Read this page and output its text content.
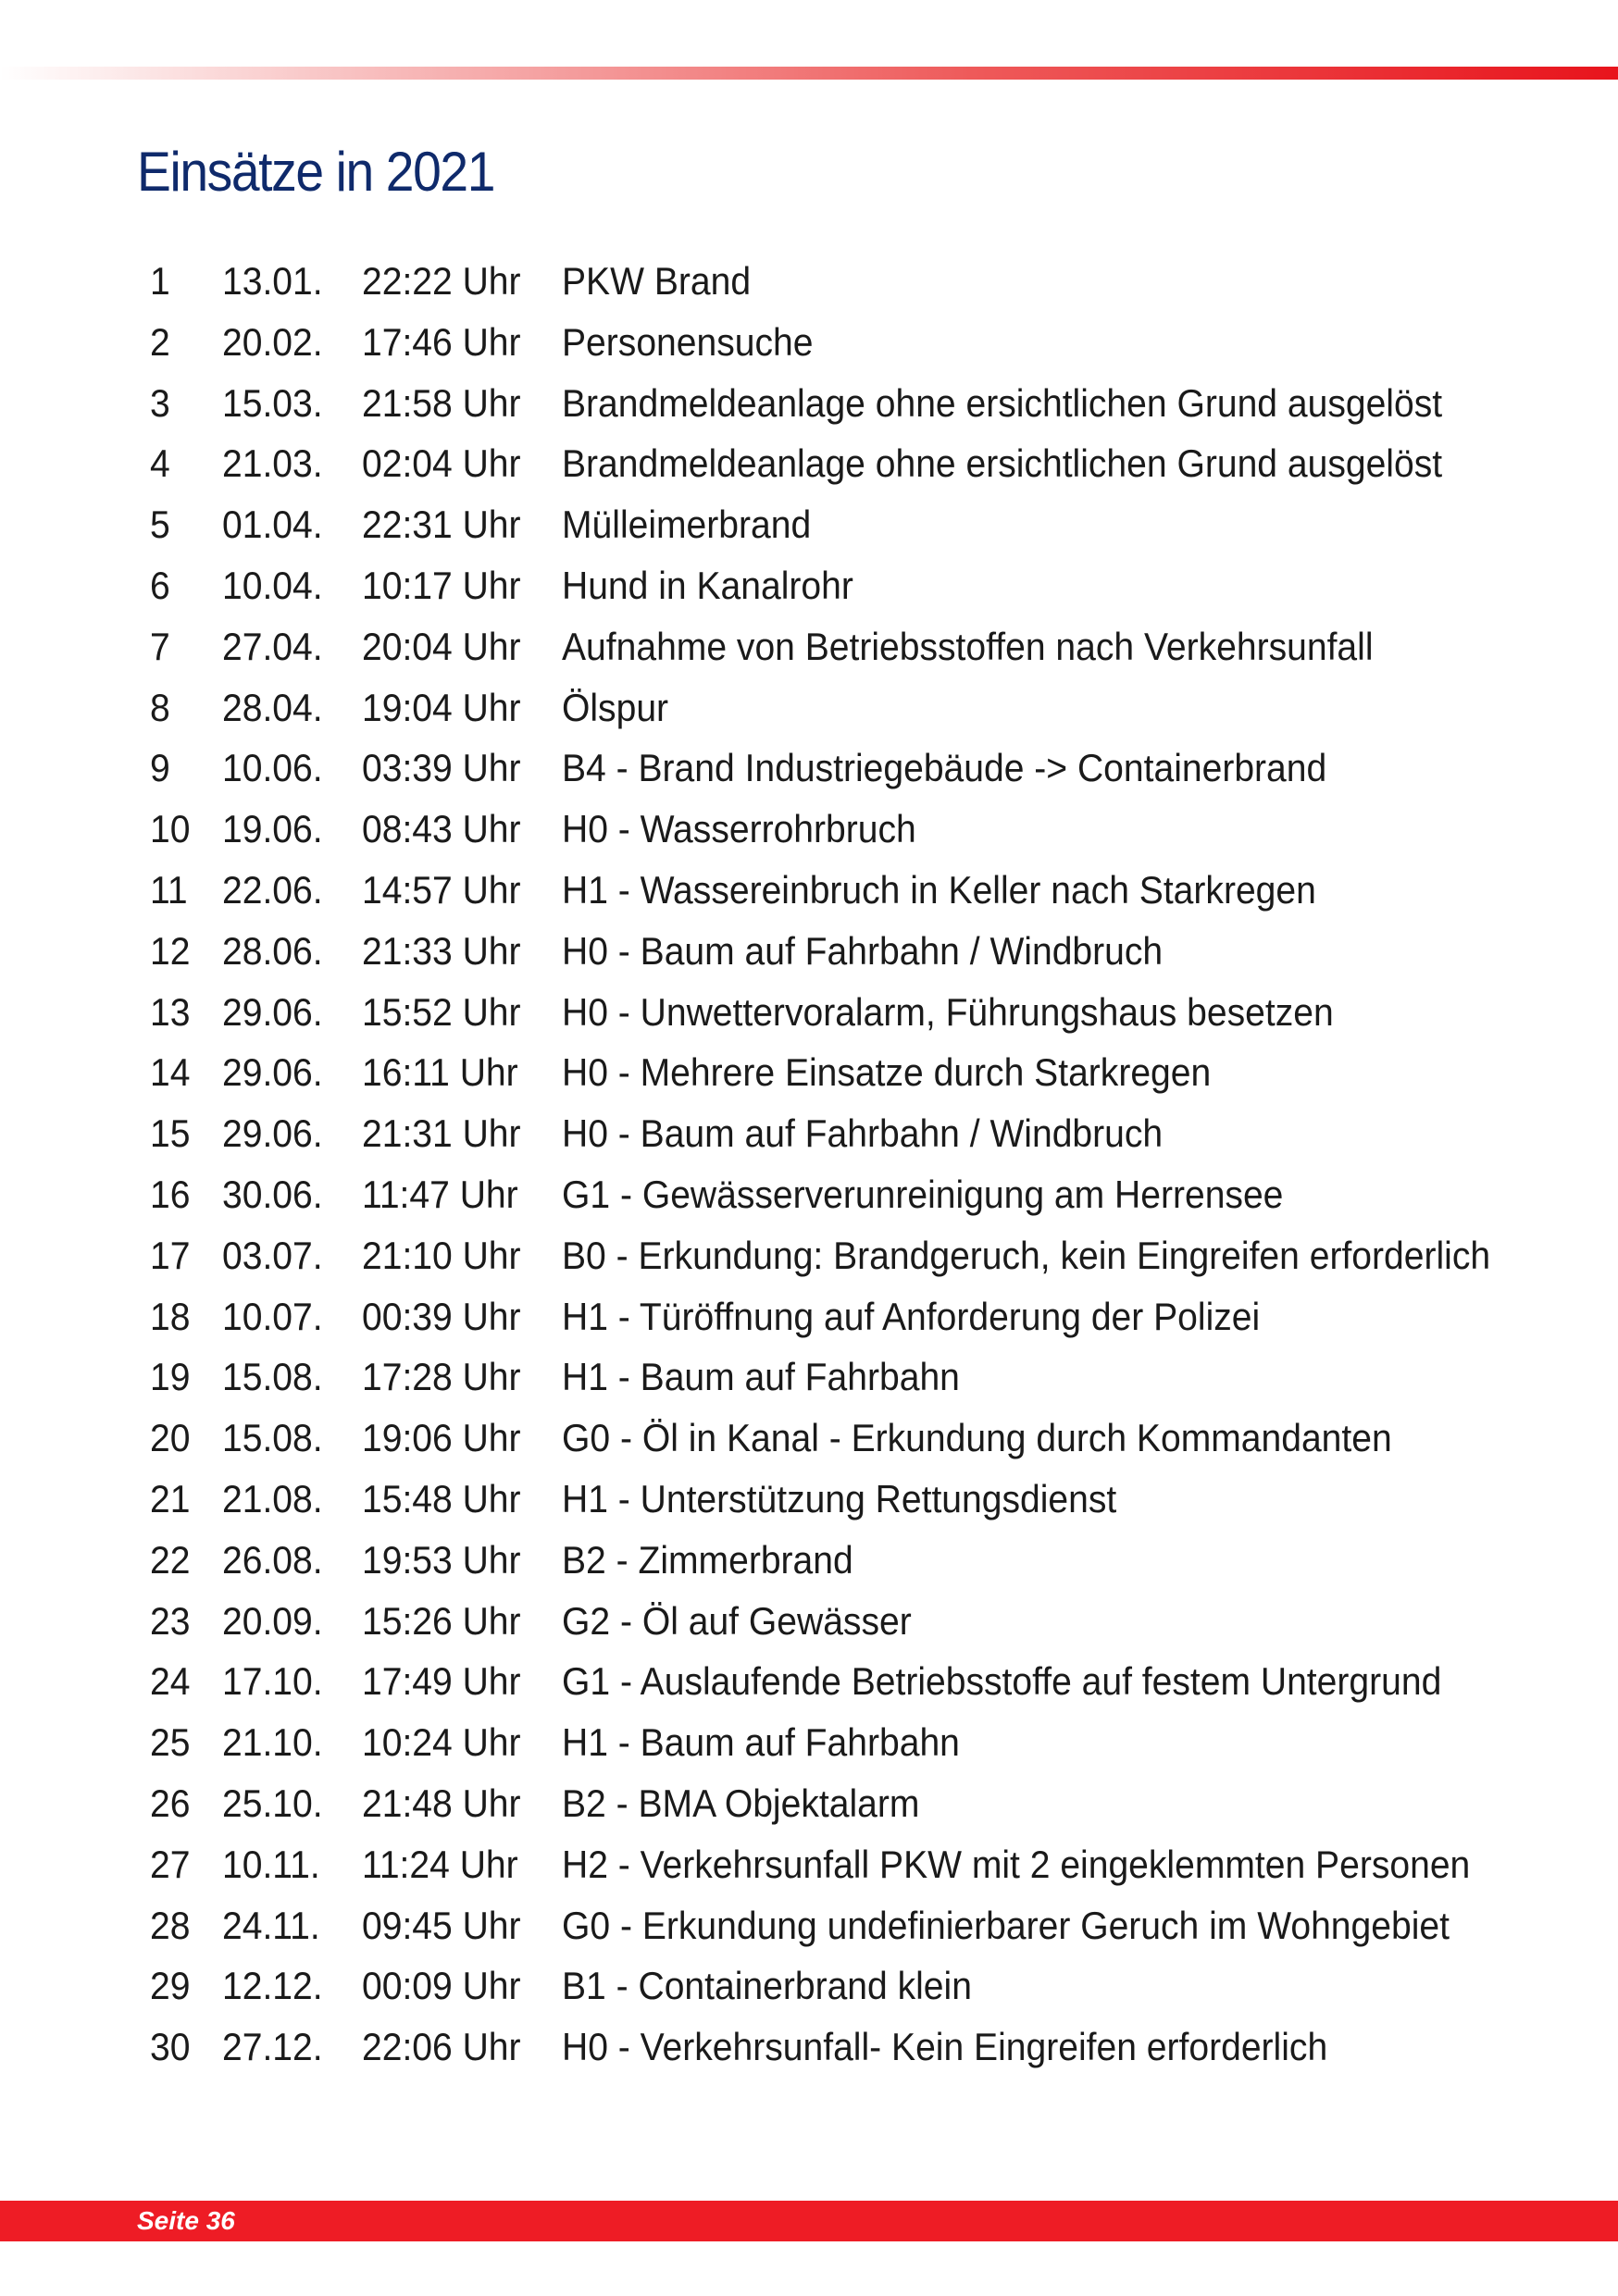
Einsätze in 2021
1 13.01. 22:22 Uhr PKW Brand
2 20.02. 17:46 Uhr Personensuche
3 15.03. 21:58 Uhr Brandmeldeanlage ohne ersichtlichen Grund ausgelöst
4 21.03. 02:04 Uhr Brandmeldeanlage ohne ersichtlichen Grund ausgelöst
5 01.04. 22:31 Uhr Mülleimerbrand
6 10.04. 10:17 Uhr Hund in Kanalrohr
7 27.04. 20:04 Uhr Aufnahme von Betriebsstoffen nach Verkehrsunfall
8 28.04. 19:04 Uhr Ölspur
9 10.06. 03:39 Uhr B4 - Brand Industriegebäude -> Containerbrand
10 19.06. 08:43 Uhr H0 - Wasserrohrbruch
11 22.06. 14:57 Uhr H1 - Wassereinbruch in Keller nach Starkregen
12 28.06. 21:33 Uhr H0 - Baum auf Fahrbahn / Windbruch
13 29.06. 15:52 Uhr H0 - Unwettervoralarm, Führungshaus besetzen
14 29.06. 16:11 Uhr H0 - Mehrere Einsatze durch Starkregen
15 29.06. 21:31 Uhr H0 - Baum auf Fahrbahn / Windbruch
16 30.06. 11:47 Uhr G1 - Gewässerverunreinigung am Herrensee
17 03.07. 21:10 Uhr B0 - Erkundung: Brandgeruch, kein Eingreifen erforderlich
18 10.07. 00:39 Uhr H1 - Türöffnung auf Anforderung der Polizei
19 15.08. 17:28 Uhr H1 - Baum auf Fahrbahn
20 15.08. 19:06 Uhr G0 - Öl in Kanal - Erkundung durch Kommandanten
21 21.08. 15:48 Uhr H1 - Unterstützung Rettungsdienst
22 26.08. 19:53 Uhr B2 - Zimmerbrand
23 20.09. 15:26 Uhr G2 - Öl auf Gewässer
24 17.10. 17:49 Uhr G1 - Auslaufende Betriebsstoffe auf festem Untergrund
25 21.10. 10:24 Uhr H1 - Baum auf Fahrbahn
26 25.10. 21:48 Uhr B2 - BMA Objektalarm
27 10.11. 11:24 Uhr H2 - Verkehrsunfall PKW mit 2 eingeklemmten Personen
28 24.11. 09:45 Uhr G0 - Erkundung undefinierbarer Geruch im Wohngebiet
29 12.12. 00:09 Uhr B1 - Containerbrand klein
30 27.12. 22:06 Uhr H0 - Verkehrsunfall- Kein Eingreifen erforderlich
Seite 36
